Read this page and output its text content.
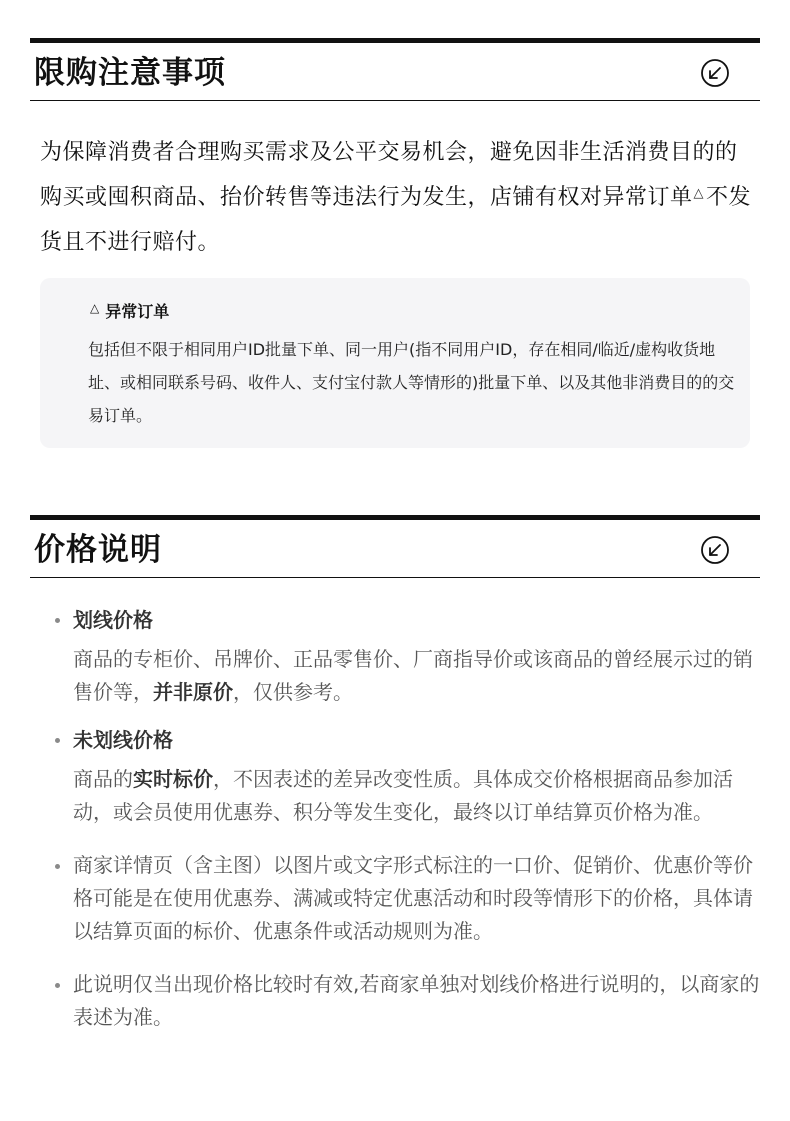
限购注意事项

为保障消费者合理购买需求及公平交易机会，避免因非生活消费目的的购买或囤积商品、抬价转售等违法行为发生，店铺有权对异常订单△不发货且不进行赔付。

△ 异常订单

包括但不限于相同用户ID批量下单、同一用户(指不同用户ID，存在相同/临近/虚构收货地址、或相同联系号码、收件人、支付宝付款人等情形的)批量下单、以及其他非消费目的的交易订单。

价格说明

划线价格

商品的专柜价、吊牌价、正品零售价、厂商指导价或该商品的曾经展示过的销售价等，并非原价，仅供参考。

未划线价格

商品的实时标价，不因表述的差异改变性质。具体成交价格根据商品参加活动，或会员使用优惠券、积分等发生变化，最终以订单结算页价格为准。

商家详情页（含主图）以图片或文字形式标注的一口价、促销价、优惠价等价格可能是在使用优惠券、满减或特定优惠活动和时段等情形下的价格，具体请以结算页面的标价、优惠条件或活动规则为准。

此说明仅当出现价格比较时有效,若商家单独对划线价格进行说明的，以商家的表述为准。
